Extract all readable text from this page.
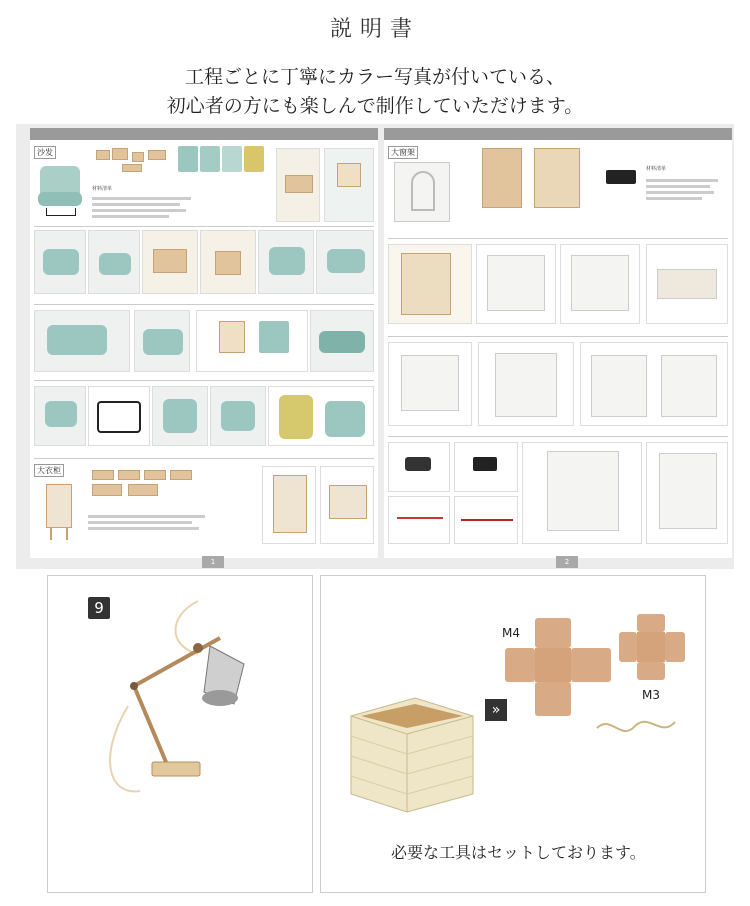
説明書
工程ごとに丁寧にカラー写真が付いている、
初心者の方にも楽しんで制作していただけます。
沙发
材料清单
大衣柜
1
大窗架
材料清单
2
9
»
M4
M3
必要な工具はセットしております。
